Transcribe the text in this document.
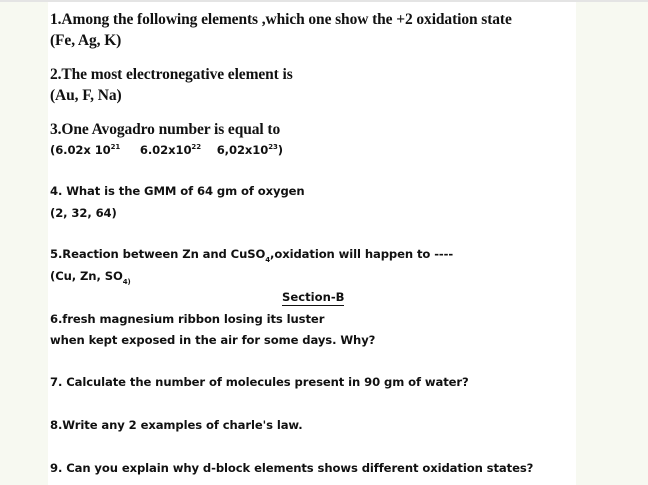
1.Among the following elements ,which one show the +2 oxidation state
(Fe, Ag, K)
2.The most electronegative element is
(Au, F, Na)
3.One Avogadro number is equal to
(6.02x $10^{21}$ $6.02x10^{22}$ $6,02x10^{23}$)
4. What is the GMM of 64 gm of oxygen
(2, 32, 64)
5.Reaction between Zn and CuSO$_4$,oxidation will happen to ----
(Cu, Zn, $SO_{4)}$
Section-B
6.fresh magnesium ribbon losing its luster
when kept exposed in the air for some days. Why?
7. Calculate the number of molecules present in 90 gm of water?
8.Write any 2 examples of charle's law.
9. Can you explain why d-block elements shows different oxidation states?
